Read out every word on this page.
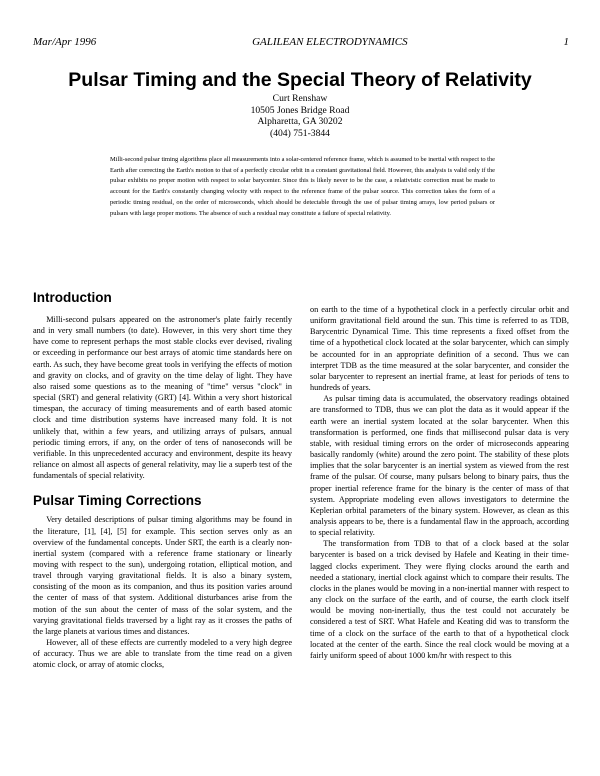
Mar/Apr 1996	GALILEAN ELECTRODYNAMICS	1
Pulsar Timing and the Special Theory of Relativity
Curt Renshaw
10505 Jones Bridge Road
Alpharetta, GA 30202
(404) 751-3844
Milli-second pulsar timing algorithms place all measurements into a solar-centered reference frame, which is assumed to be inertial with respect to the Earth after correcting the Earth's motion to that of a perfectly circular orbit in a constant gravitational field. However, this analysis is valid only if the pulsar exhibits no proper motion with respect to solar barycenter. Since this is likely never to be the case, a relativistic correction must be made to account for the Earth's constantly changing velocity with respect to the reference frame of the pulsar source. This correction takes the form of a periodic timing residual, on the order of microseconds, which should be detectable through the use of pulsar timing arrays, low period pulsars or pulsars with large proper motions. The absence of such a residual may constitute a failure of special relativity.
Introduction

Milli-second pulsars appeared on the astronomer's plate fairly recently and in very small numbers (to date). However, in this very short time they have come to represent perhaps the most stable clocks ever devised, rivaling or exceeding in performance our best arrays of atomic time standards here on earth. As such, they have become great tools in verifying the effects of motion and gravity on clocks, and of gravity on the time delay of light. They have also raised some questions as to the meaning of "time" versus "clock" in special (SRT) and general relativity (GRT) [4]. Within a very short historical timespan, the accuracy of timing measurements and of earth based atomic clock and time distribution systems have increased many fold. It is not unlikely that, within a few years, and utilizing arrays of pulsars, annual periodic timing errors, if any, on the order of tens of nanoseconds will be verifiable. In this unprecedented accuracy and environment, despite its heavy reliance on almost all aspects of general relativity, may lie a superb test of the fundamentals of special relativity.

Pulsar Timing Corrections

Very detailed descriptions of pulsar timing algorithms may be found in the literature, [1], [4], [5] for example. This section serves only as an overview of the fundamental concepts. Under SRT, the earth is a clearly non-inertial system (compared with a reference frame stationary or linearly moving with respect to the sun), undergoing rotation, elliptical motion, and travel through varying gravitational fields. It is also a binary system, consisting of the moon as its companion, and thus its position varies around the center of mass of that system. Additional disturbances arise from the motion of the sun about the center of mass of the solar system, and the varying gravitational fields traversed by a light ray as it crosses the paths of the large planets at various times and distances.

However, all of these effects are currently modeled to a very high degree of accuracy. Thus we are able to translate from the time read on a given atomic clock, or array of atomic clocks,

on earth to the time of a hypothetical clock in a perfectly circular orbit and uniform gravitational field around the sun. This time is referred to as TDB, Barycentric Dynamical Time. This time represents a fixed offset from the time of a hypothetical clock located at the solar barycenter, which can simply be accounted for in an appropriate definition of a second. Thus we can interpret TDB as the time measured at the solar barycenter, and consider the solar barycenter to represent an inertial frame, at least for periods of tens to hundreds of years.

As pulsar timing data is accumulated, the observatory readings obtained are transformed to TDB, thus we can plot the data as it would appear if the earth were an inertial system located at the solar barycenter. When this transformation is performed, one finds that millisecond pulsar data is very stable, with residual timing errors on the order of microseconds appearing basically randomly (white) around the zero point. The stability of these plots implies that the solar barycenter is an inertial system as viewed from the rest frame of the pulsar. Of course, many pulsars belong to binary pairs, thus the proper inertial reference frame for the binary is the center of mass of that system. Appropriate modeling even allows investigators to determine the Keplerian orbital parameters of the binary system. However, as clean as this analysis appears to be, there is a fundamental flaw in the approach, according to special relativity.

The transformation from TDB to that of a clock based at the solar barycenter is based on a trick devised by Hafele and Keating in their time-lagged clocks experiment. They were flying clocks around the earth and needed a stationary, inertial clock against which to compare their results. The clocks in the planes would be moving in a non-inertial manner with respect to any clock on the surface of the earth, and of course, the earth clock itself would be moving non-inertially, thus the test could not accurately be considered a test of SRT. What Hafele and Keating did was to transform the time of a clock on the surface of the earth to that of a hypothetical clock located at the center of the earth. Since the real clock would be moving at a fairly uniform speed of about 1000 km/hr with respect to this
